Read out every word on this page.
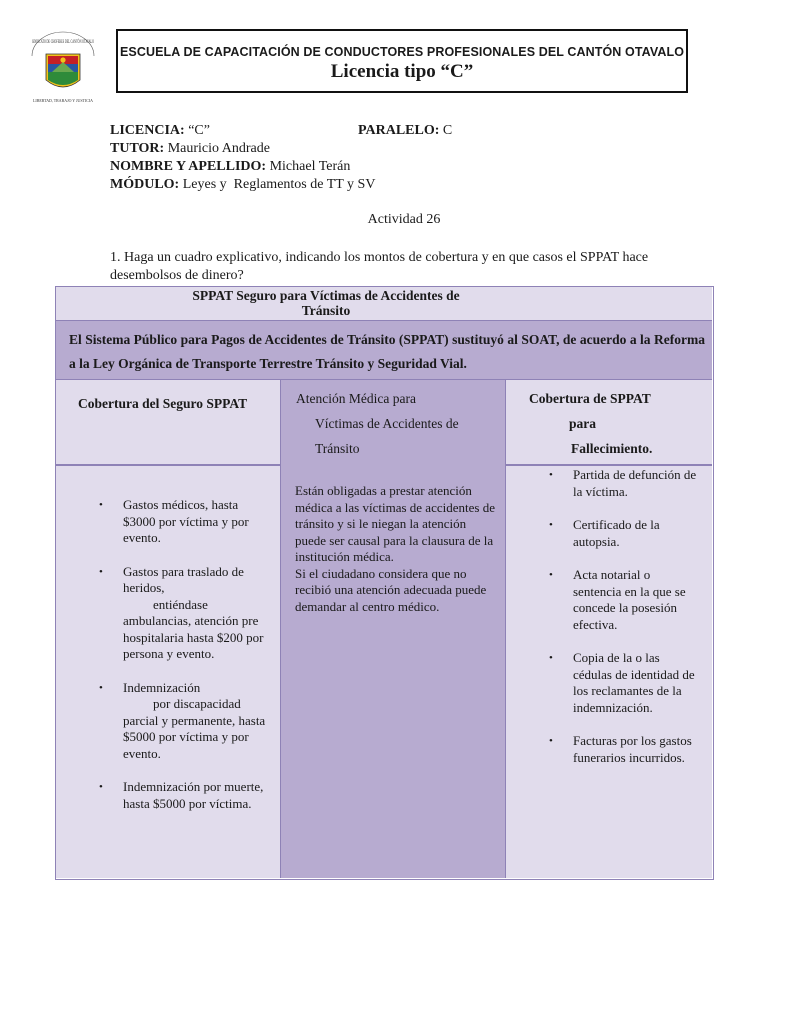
SINDICATO DE CHOFERES DEL CANTÓN OTAVALO
LIBERTAD, TRABAJO Y JUSTICIA
ESCUELA DE CAPACITACIÓN DE CONDUCTORES PROFESIONALES DEL CANTÓN OTAVALO
Licencia tipo “C”
LICENCIA: “C”	PARALELO: C
TUTOR: Mauricio Andrade
NOMBRE Y APELLIDO: Michael Terán
MÓDULO: Leyes y  Reglamentos de TT y SV
Actividad 26
1. Haga un cuadro explicativo, indicando los montos de cobertura y en que casos el SPPAT hace desembolsos de dinero?
SPPAT Seguro para Víctimas de Accidentes de
Tránsito
El Sistema Público para Pagos de Accidentes de Tránsito (SPPAT) sustituyó al SOAT, de acuerdo a la Reforma a la Ley Orgánica de Transporte Terrestre Tránsito y Seguridad Vial.
Cobertura del Seguro SPPAT	Atención Médica para
Víctimas de Accidentes de
Tránsito
Cobertura de SPPAT
para
Fallecimiento.
• Gastos médicos, hasta $3000 por víctima y por evento.
• Gastos para traslado de heridos,
entiéndase
ambulancias, atención pre hospitalaria hasta $200 por persona y evento.
• Indemnización
por discapacidad
parcial y permanente, hasta $5000 por víctima y por evento.
• Indemnización por muerte, hasta $5000 por víctima.
Están obligadas a prestar atención médica a las víctimas de accidentes de tránsito y si le niegan la atención puede ser causal para la clausura de la institución médica.
Si el ciudadano considera que no recibió una atención adecuada puede demandar al centro médico.
• Partida de defunción de la víctima.
• Certificado de la autopsia.
• Acta notarial o sentencia en la que se concede la posesión efectiva.
• Copia de la o las cédulas de identidad de los reclamantes de la indemnización.
• Facturas por los gastos funerarios incurridos.
